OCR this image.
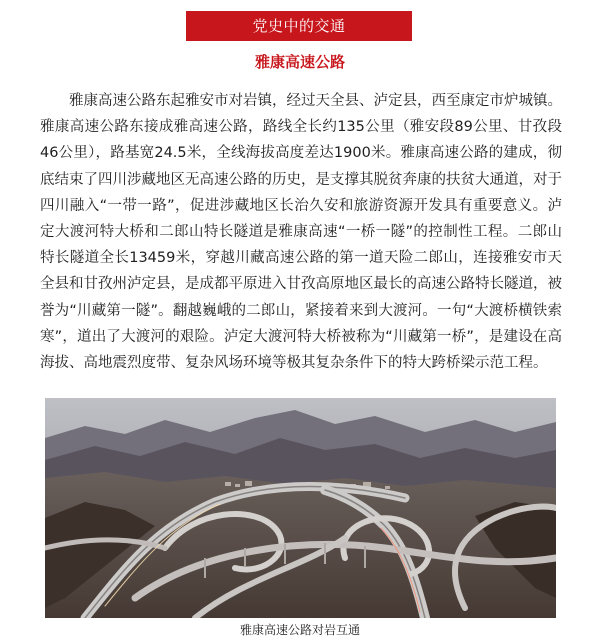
党史中的交通
雅康高速公路

雅康高速公路东起雅安市对岩镇，经过天全县、泸定县，西至康定市炉城镇。雅康高速公路东接成雅高速公路，路线全长约135公里（雅安段89公里、甘孜段46公里），路基宽24.5米，全线海拔高度差达1900米。雅康高速公路的建成，彻底结束了四川涉藏地区无高速公路的历史，是支撑其脱贫奔康的扶贫大通道，对于四川融入“一带一路”，促进涉藏地区长治久安和旅游资源开发具有重要意义。泸定大渡河特大桥和二郎山特长隧道是雅康高速“一桥一隧”的控制性工程。二郎山特长隧道全长13459米，穿越川藏高速公路的第一道天险二郎山，连接雅安市天全县和甘孜州泸定县，是成都平原进入甘孜高原地区最长的高速公路特长隧道，被誉为“川藏第一隧”。翻越巍峨的二郎山，紧接着来到大渡河。一句“大渡桥横铁索寒”，道出了大渡河的艰险。泸定大渡河特大桥被称为“川藏第一桥”，是建设在高海拔、高地震烈度带、复杂风场环境等极其复杂条件下的特大跨桥梁示范工程。

雅康高速公路对岩互通
